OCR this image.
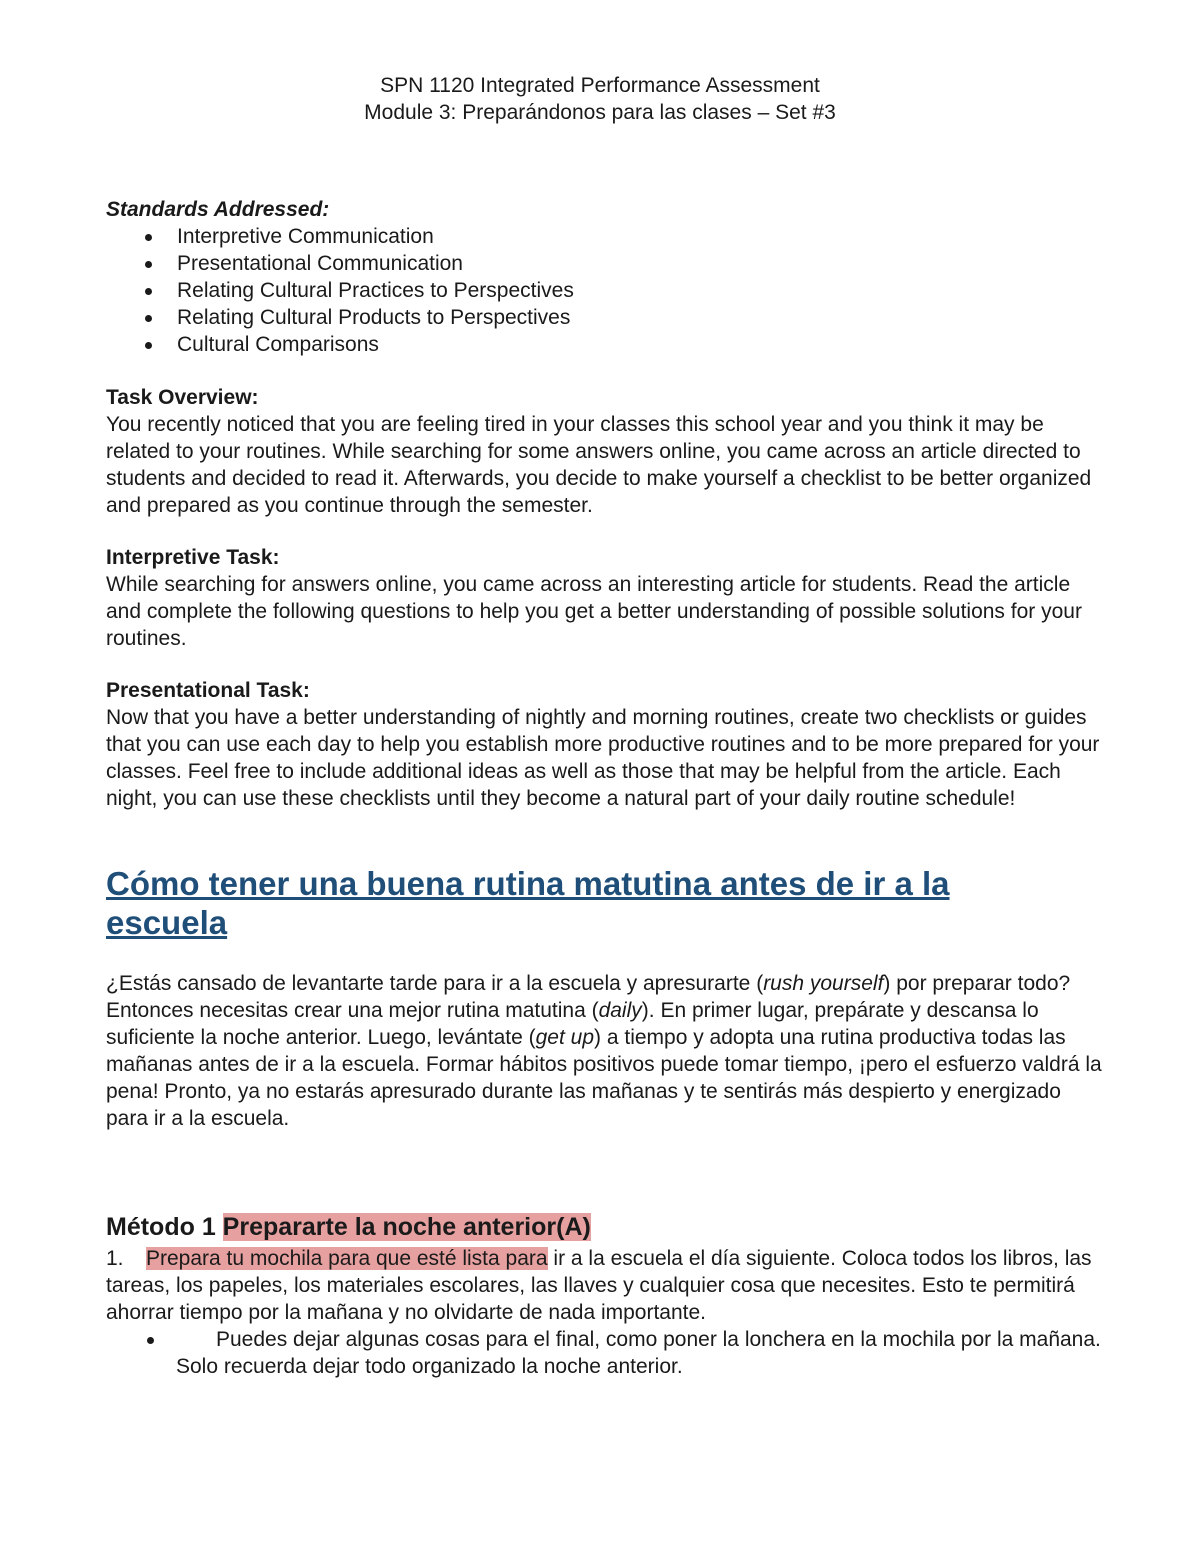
SPN 1120 Integrated Performance Assessment
Module 3: Preparándonos para las clases – Set #3
Standards Addressed:
Interpretive Communication
Presentational Communication
Relating Cultural Practices to Perspectives
Relating Cultural Products to Perspectives
Cultural Comparisons
Task Overview:

You recently noticed that you are feeling tired in your classes this school year and you think it may be related to your routines. While searching for some answers online, you came across an article directed to students and decided to read it. Afterwards, you decide to make yourself a checklist to be better organized and prepared as you continue through the semester.

Interpretive Task:

While searching for answers online, you came across an interesting article for students. Read the article and complete the following questions to help you get a better understanding of possible solutions for your routines.

Presentational Task:

Now that you have a better understanding of nightly and morning routines, create two checklists or guides that you can use each day to help you establish more productive routines and to be more prepared for your classes. Feel free to include additional ideas as well as those that may be helpful from the article. Each night, you can use these checklists until they become a natural part of your daily routine schedule!

Cómo tener una buena rutina matutina antes de ir a la escuela

¿Estás cansado de levantarte tarde para ir a la escuela y apresurarte (rush yourself) por preparar todo? Entonces necesitas crear una mejor rutina matutina (daily). En primer lugar, prepárate y descansa lo suficiente la noche anterior. Luego, levántate (get up) a tiempo y adopta una rutina productiva todas las mañanas antes de ir a la escuela. Formar hábitos positivos puede tomar tiempo, ¡pero el esfuerzo valdrá la pena! Pronto, ya no estarás apresurado durante las mañanas y te sentirás más despierto y energizado para ir a la escuela.

Método 1 Prepararte la noche anterior(A)

1. Prepara tu mochila para que esté lista para ir a la escuela el día siguiente. Coloca todos los libros, las tareas, los papeles, los materiales escolares, las llaves y cualquier cosa que necesites. Esto te permitirá ahorrar tiempo por la mañana y no olvidarte de nada importante.

Puedes dejar algunas cosas para el final, como poner la lonchera en la mochila por la mañana. Solo recuerda dejar todo organizado la noche anterior.
